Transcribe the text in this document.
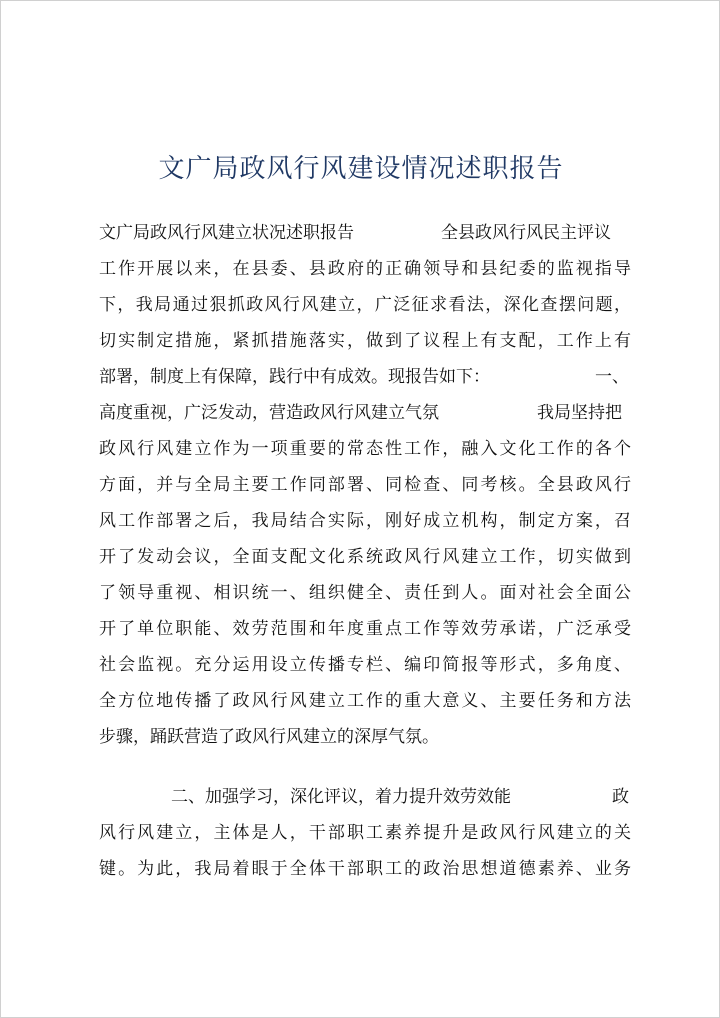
文广局政风行风建设情况述职报告
文广局政风行风建立状况述职报告	全县政风行风民主评议
工作开展以来，在县委、县政府的正确领导和县纪委的监视指导
下，我局通过狠抓政风行风建立，广泛征求看法，深化查摆问题，
切实制定措施，紧抓措施落实，做到了议程上有支配，工作上有
部署，制度上有保障，践行中有成效。现报告如下：	一、
高度重视，广泛发动，营造政风行风建立气氛	我局坚持把
政风行风建立作为一项重要的常态性工作，融入文化工作的各个
方面，并与全局主要工作同部署、同检查、同考核。全县政风行
风工作部署之后，我局结合实际，刚好成立机构，制定方案，召
开了发动会议，全面支配文化系统政风行风建立工作，切实做到
了领导重视、相识统一、组织健全、责任到人。面对社会全面公
开了单位职能、效劳范围和年度重点工作等效劳承诺，广泛承受
社会监视。充分运用设立传播专栏、编印简报等形式，多角度、
全方位地传播了政风行风建立工作的重大意义、主要任务和方法
步骤，踊跃营造了政风行风建立的深厚气氛。
二、加强学习，深化评议，着力提升效劳效能	政
风行风建立，主体是人，干部职工素养提升是政风行风建立的关
键。为此，我局着眼于全体干部职工的政治思想道德素养、业务
